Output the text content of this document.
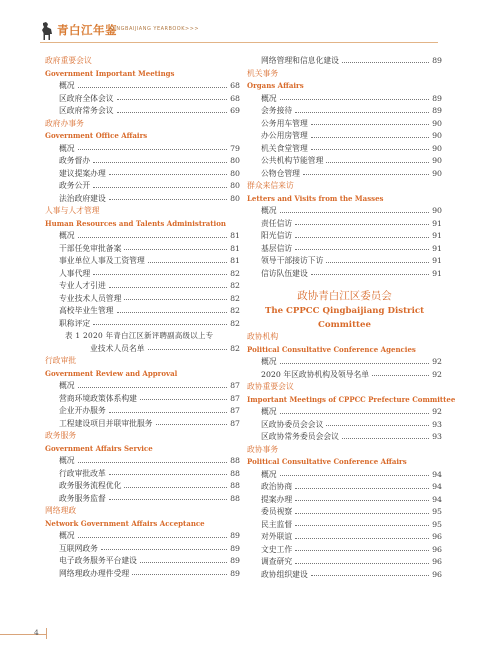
青白江年鉴
QINGBAIJIANG YEARBOOK>>>
政府重要会议
Government Important Meetings
概况	68
区政府全体会议	68
区政府常务会议	69
政府办事务
Government Office Affairs
概况	79
政务督办	80
建议提案办理	80
政务公开	80
法治政府建设	80
人事与人才管理
Human Resources and Talents Administration
概况	81
干部任免审批备案	81
事业单位人事及工资管理	81
人事代理	82
专业人才引进	82
专业技术人员管理	82
高校毕业生管理	82
职称评定	82
表 1 2020 年青白江区新评聘副高级以上专
业技术人员名单	82
行政审批
Government Review and Approval
概况	87
营商环境政策体系构建	87
企业开办服务	87
工程建设项目并联审批服务	87
政务服务
Government Affairs Service
概况	88
行政审批改革	88
政务服务流程优化	88
政务服务监督	88
网络理政
Network Government Affairs Acceptance
概况	89
互联网政务	89
电子政务服务平台建设	89
网络理政办理件受理	89
网络管理和信息化建设	89
机关事务
Organs Affairs
概况	89
会务接待	89
公务用车管理	90
办公用房管理	90
机关食堂管理	90
公共机构节能管理	90
公物仓管理	90
群众来信来访
Letters and Visits from the Masses
概况	90
责任信访	91
阳光信访	91
基层信访	91
领导干部接访下访	91
信访队伍建设	91
政协青白江区委员会
The CPPCC Qingbaijiang District Committee
政协机构
Political Consultative Conference Agencies
概况	92
2020 年区政协机构及领导名单	92
政协重要会议
Important Meetings of CPPCC Prefecture Committee
概况	92
区政协委员会会议	93
区政协常务委员会会议	93
政协事务
Political Consultative Conference Affairs
概况	94
政治协商	94
提案办理	94
委员视察	95
民主监督	95
对外联谊	96
文史工作	96
调查研究	96
政协组织建设	96
4
